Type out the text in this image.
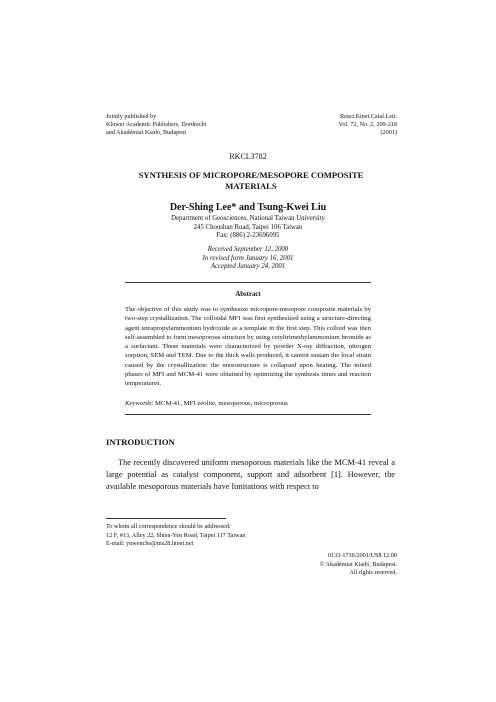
Jointly published by
Kluwer Academic Publishers, Dordrecht
and Akadémiai Kiadó, Budapest
React.Kinet.Catal.Lett.
Vol. 72, No. 2, 209-218
(2001)
RKCL3782
SYNTHESIS OF MICROPORE/MESOPORE COMPOSITE
MATERIALS
Der-Shing Lee* and Tsung-Kwei Liu
Department of Geosciences, National Taiwan University
245 Choushan Road, Taipei 106 Taiwan
Fax: (886) 2-23696095
Received September 12, 2000
In revised form January 16, 2001
Accepted January 24, 2001
Abstract
The objective of this study was to synthesize micropore-mesopore composite materials by two-step crystallization. The colloidal MFI was first synthesized using a structure-directing agent tetrapropylammonium hydroxide as a template in the first step. This colloid was then self-assembled to form mesoporous structure by using cetyltrimethylammonium bromide as a surfactant. These materials were characterized by powder X-ray diffraction, nitrogen sorption, SEM and TEM. Due to the thick walls produced, it cannot sustain the local strain caused by the crystallization: the mesostructure is collapsed upon heating. The mixed phases of MFI and MCM-41 were obtained by optimizing the synthesis times and reaction temperatures.
Keywords: MCM-41, MFI zeolite, mesoporous, microporous
INTRODUCTION
The recently discovered uniform mesoporous materials like the MCM-41 reveal a large potential as catalyst component, support and adsorbent [1]. However, the available mesoporous materials have limitations with respect to
To whom all correspondence should be addressed:
12 F, #13, Alley 22, Shien-Yen Road, Taipei 117 Taiwan
E-mail: yuwenche@ms28.hinet.net
0133-1736/2001/US$ 12.00
© Akadémiai Kiadó, Budapest.
All rights reserved.
